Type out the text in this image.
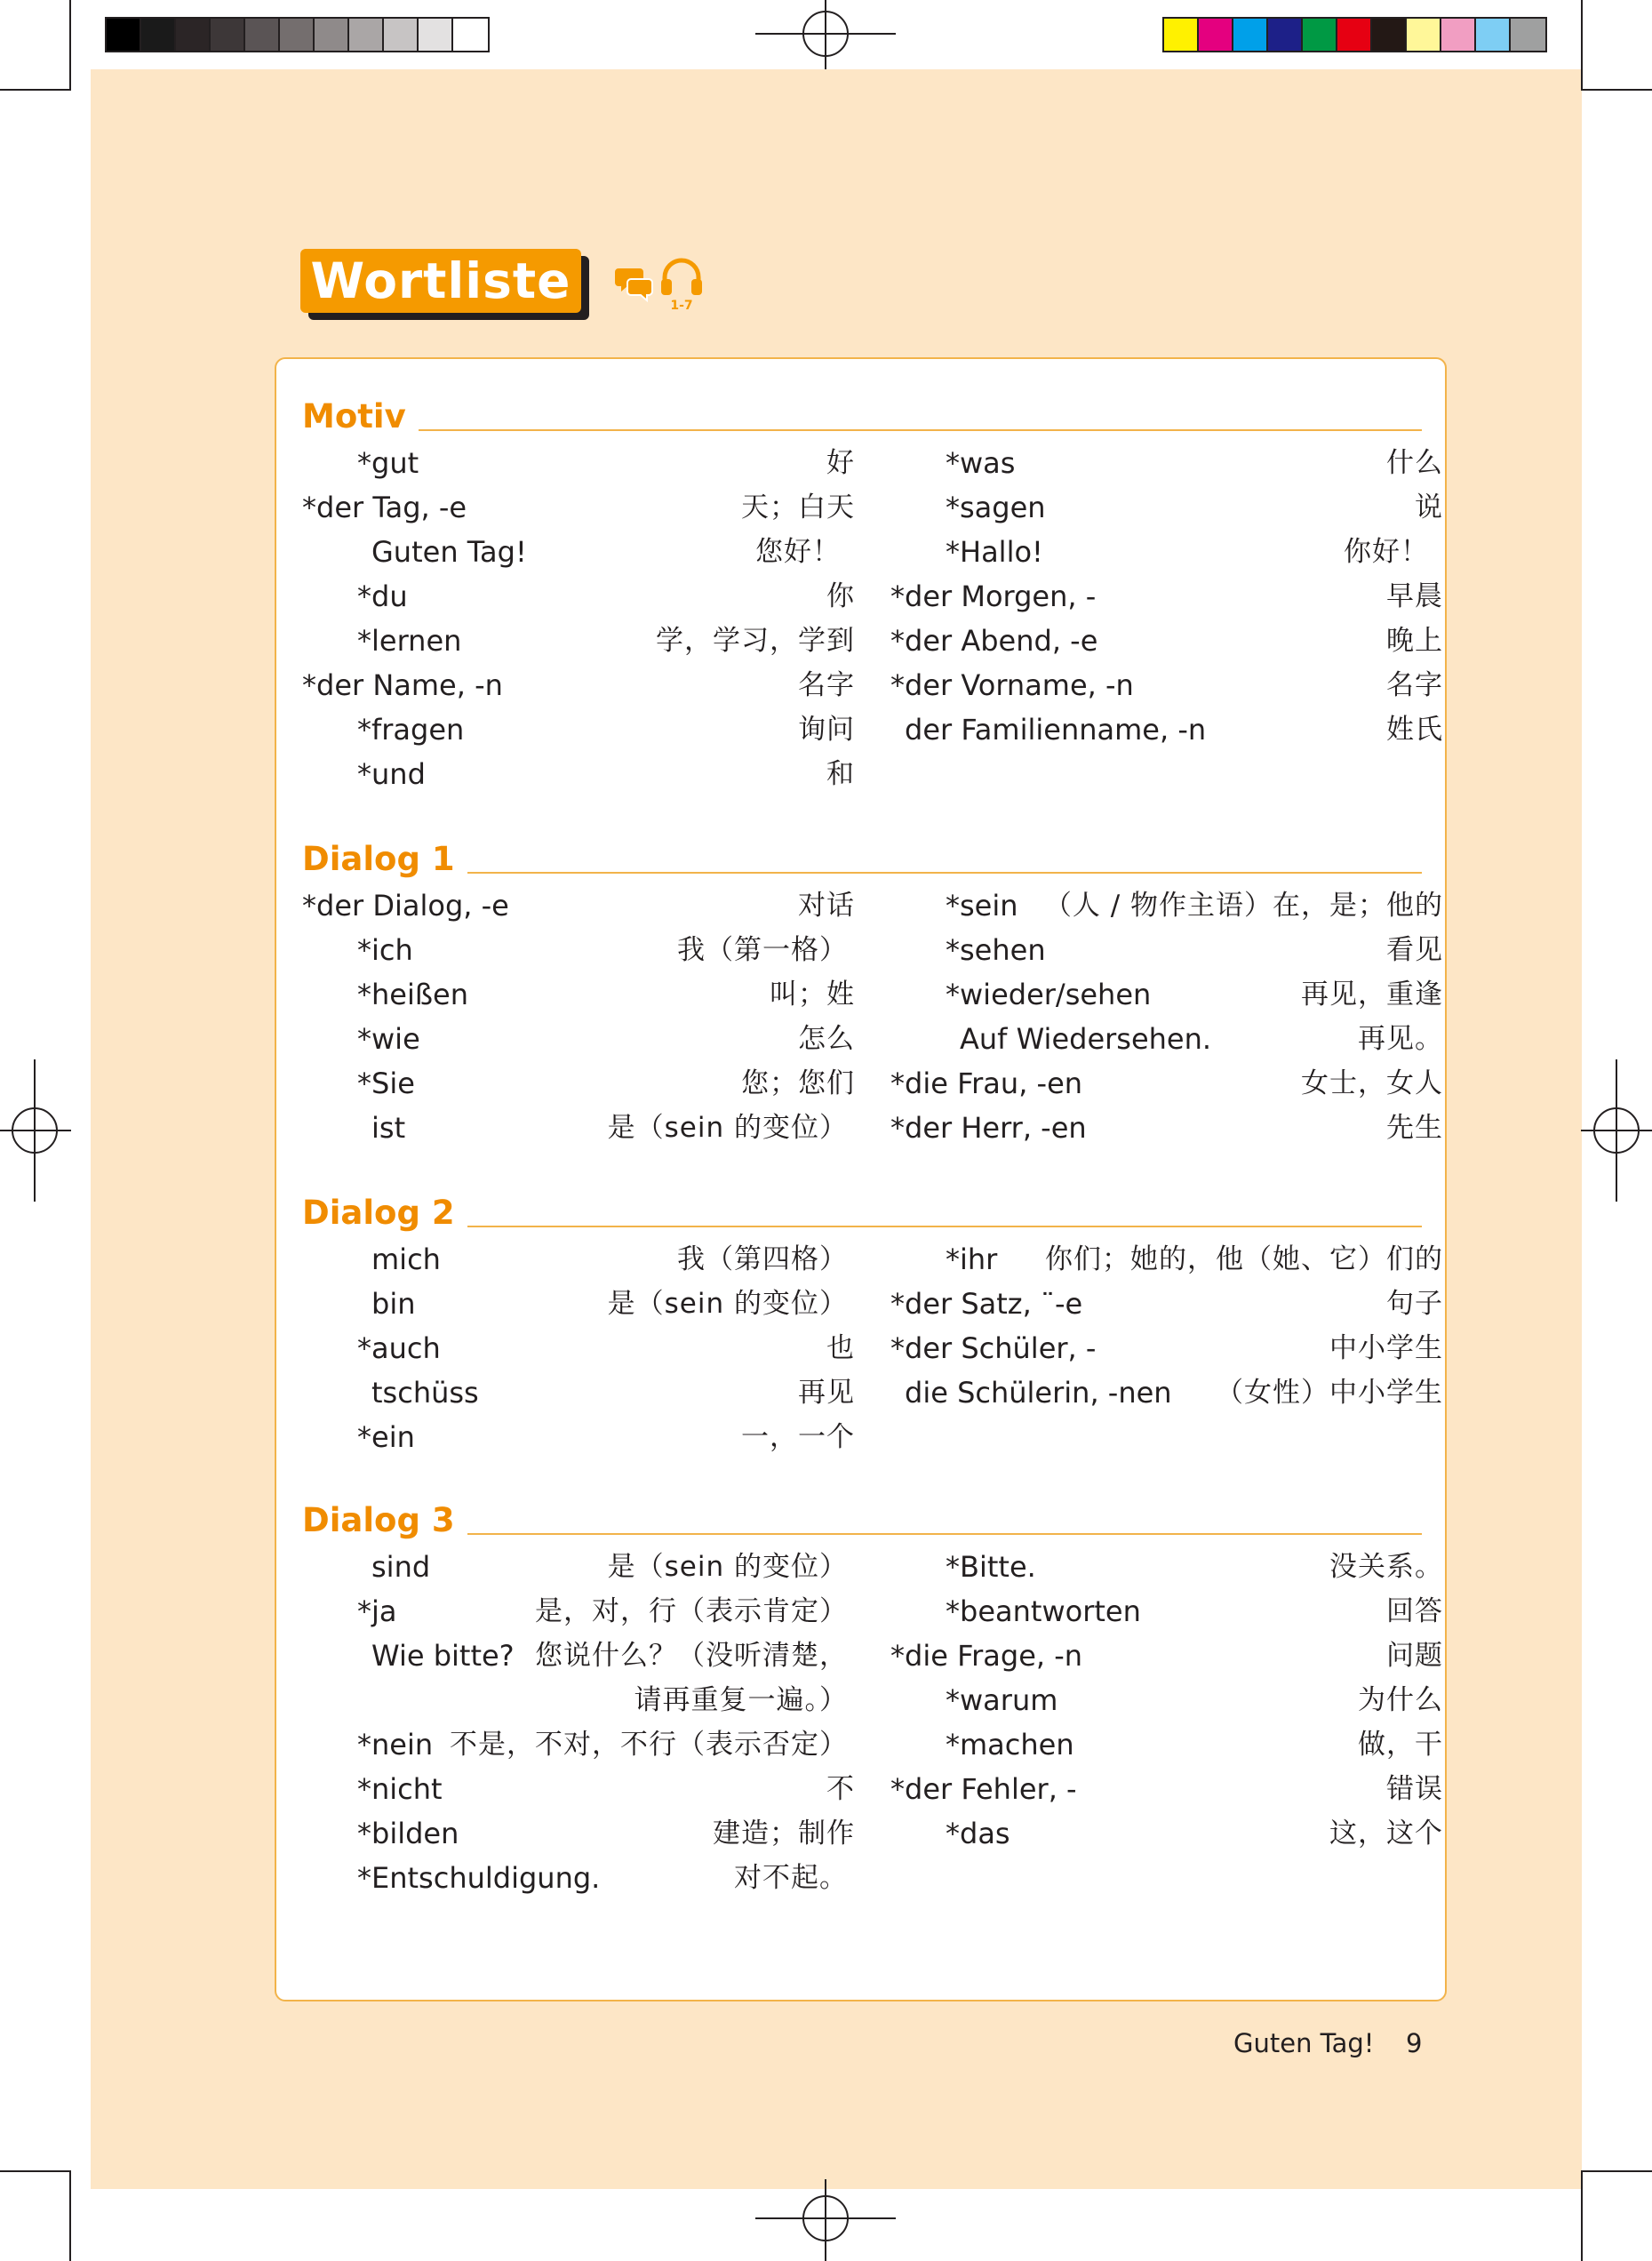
Wortliste	1-7
Motiv
*gut	好
*der Tag, -e	天；白天
Guten Tag!	您好！
*du	你
*lernen	学，学习，学到
*der Name, -n	名字
*fragen	询问
*und	和
*was	什么
*sagen	说
*Hallo!	你好！
*der Morgen, -	早晨
*der Abend, -e	晚上
*der Vorname, -n	名字
der Familienname, -n	姓氏
Dialog 1
*der Dialog, -e	对话
*ich	我（第一格）
*heißen	叫；姓
*wie	怎么
*Sie	您；您们
ist	是（sein 的变位）
*sein （人 / 物作主语）在，是；他的
*sehen	看见
*wieder/sehen	再见，重逢
Auf Wiedersehen.	再见。
*die Frau, -en	女士，女人
*der Herr, -en	先生
Dialog 2
mich	我（第四格）
bin	是（sein 的变位）
*auch	也
tschüss	再见
*ein	一，一个
*ihr 你们；她的，他（她、它）们的
*der Satz, ¨-e	句子
*der Schüler, -	中小学生
die Schülerin, -nen （女性）中小学生
Dialog 3
sind	是（sein 的变位）
*ja	是，对，行（表示肯定）
Wie bitte? 您说什么？（没听清楚，
请再重复一遍。）
*nein 不是，不对，不行（表示否定）
*nicht	不
*bilden	建造；制作
*Entschuldigung.	对不起。
*Bitte.	没关系。
*beantworten	回答
*die Frage, -n	问题
*warum	为什么
*machen	做，干
*der Fehler, -	错误
*das	这，这个
Guten Tag! 9
